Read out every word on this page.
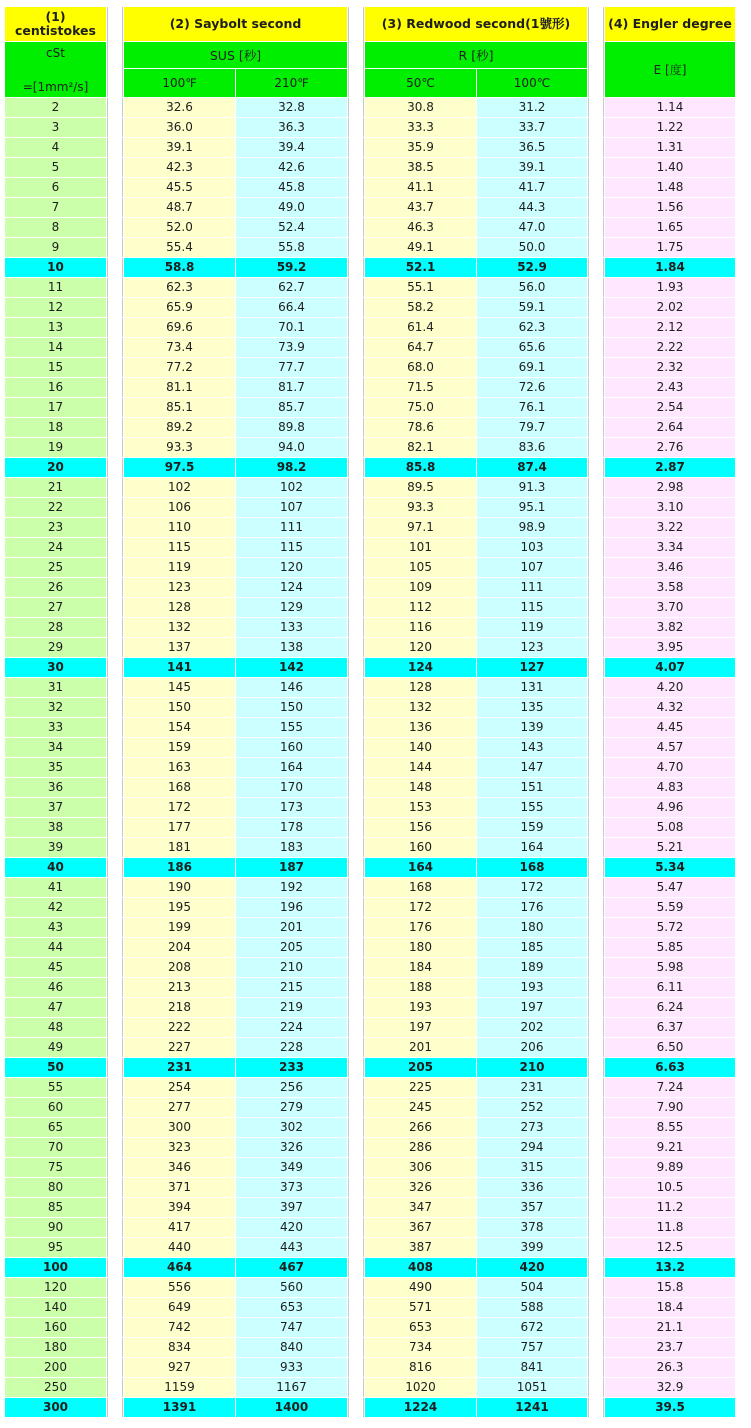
(1)
centistokes		(2) Saybolt second			(3) Redwood second(1號形)			(4) Engler degree

cSt
=[1mm²/s]		SUS [秒]			R [秒]			E [度]
		100℉	210℉		50℃	100℃		
2		32.6	32.8		30.8	31.2		1.14
3		36.0	36.3		33.3	33.7		1.22
4		39.1	39.4		35.9	36.5		1.31
5		42.3	42.6		38.5	39.1		1.40
6		45.5	45.8		41.1	41.7		1.48
7		48.7	49.0		43.7	44.3		1.56
8		52.0	52.4		46.3	47.0		1.65
9		55.4	55.8		49.1	50.0		1.75
10		58.8	59.2		52.1	52.9		1.84
11		62.3	62.7		55.1	56.0		1.93
12		65.9	66.4		58.2	59.1		2.02
13		69.6	70.1		61.4	62.3		2.12
14		73.4	73.9		64.7	65.6		2.22
15		77.2	77.7		68.0	69.1		2.32
16		81.1	81.7		71.5	72.6		2.43
17		85.1	85.7		75.0	76.1		2.54
18		89.2	89.8		78.6	79.7		2.64
19		93.3	94.0		82.1	83.6		2.76
20		97.5	98.2		85.8	87.4		2.87
21		102	102		89.5	91.3		2.98
22		106	107		93.3	95.1		3.10
23		110	111		97.1	98.9		3.22
24		115	115		101	103		3.34
25		119	120		105	107		3.46
26		123	124		109	111		3.58
27		128	129		112	115		3.70
28		132	133		116	119		3.82
29		137	138		120	123		3.95
30		141	142		124	127		4.07
31		145	146		128	131		4.20
32		150	150		132	135		4.32
33		154	155		136	139		4.45
34		159	160		140	143		4.57
35		163	164		144	147		4.70
36		168	170		148	151		4.83
37		172	173		153	155		4.96
38		177	178		156	159		5.08
39		181	183		160	164		5.21
40		186	187		164	168		5.34
41		190	192		168	172		5.47
42		195	196		172	176		5.59
43		199	201		176	180		5.72
44		204	205		180	185		5.85
45		208	210		184	189		5.98
46		213	215		188	193		6.11
47		218	219		193	197		6.24
48		222	224		197	202		6.37
49		227	228		201	206		6.50
50		231	233		205	210		6.63
55		254	256		225	231		7.24
60		277	279		245	252		7.90
65		300	302		266	273		8.55
70		323	326		286	294		9.21
75		346	349		306	315		9.89
80		371	373		326	336		10.5
85		394	397		347	357		11.2
90		417	420		367	378		11.8
95		440	443		387	399		12.5
100		464	467		408	420		13.2
120		556	560		490	504		15.8
140		649	653		571	588		18.4
160		742	747		653	672		21.1
180		834	840		734	757		23.7
200		927	933		816	841		26.3
250		1159	1167		1020	1051		32.9
300		1391	1400		1224	1241		39.5
